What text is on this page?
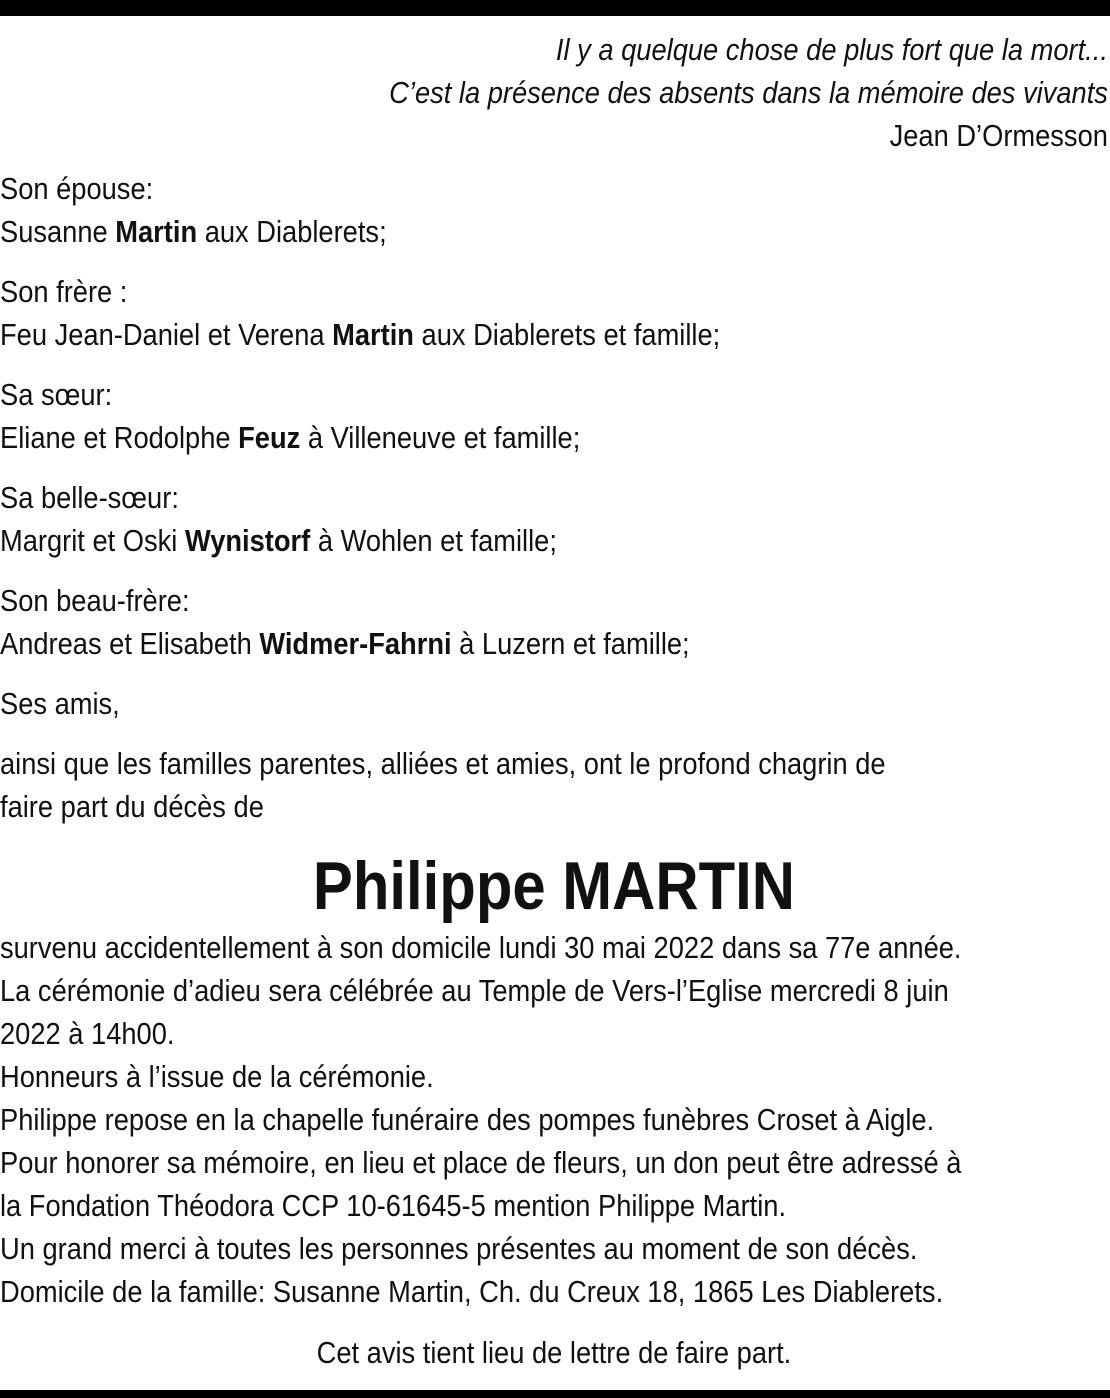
Il y a quelque chose de plus fort que la mort...
C’est la présence des absents dans la mémoire des vivants
Jean D’Ormesson
Son épouse:
Susanne Martin aux Diablerets;
Son frère :
Feu Jean-Daniel et Verena Martin aux Diablerets et famille;
Sa sœur:
Eliane et Rodolphe Feuz à Villeneuve et famille;
Sa belle-sœur:
Margrit et Oski Wynistorf à Wohlen et famille;
Son beau-frère:
Andreas et Elisabeth Widmer-Fahrni à Luzern et famille;
Ses amis,
ainsi que les familles parentes, alliées et amies, ont le profond chagrin de
faire part du décès de
Philippe MARTIN
survenu accidentellement à son domicile lundi 30 mai 2022 dans sa 77e année.
La cérémonie d’adieu sera célébrée au Temple de Vers-l’Eglise mercredi 8 juin
2022 à 14h00.
Honneurs à l’issue de la cérémonie.
Philippe repose en la chapelle funéraire des pompes funèbres Croset à Aigle.
Pour honorer sa mémoire, en lieu et place de fleurs, un don peut être adressé à
la Fondation Théodora CCP 10-61645-5 mention Philippe Martin.
Un grand merci à toutes les personnes présentes au moment de son décès.
Domicile de la famille: Susanne Martin, Ch. du Creux 18, 1865 Les Diablerets.
Cet avis tient lieu de lettre de faire part.
